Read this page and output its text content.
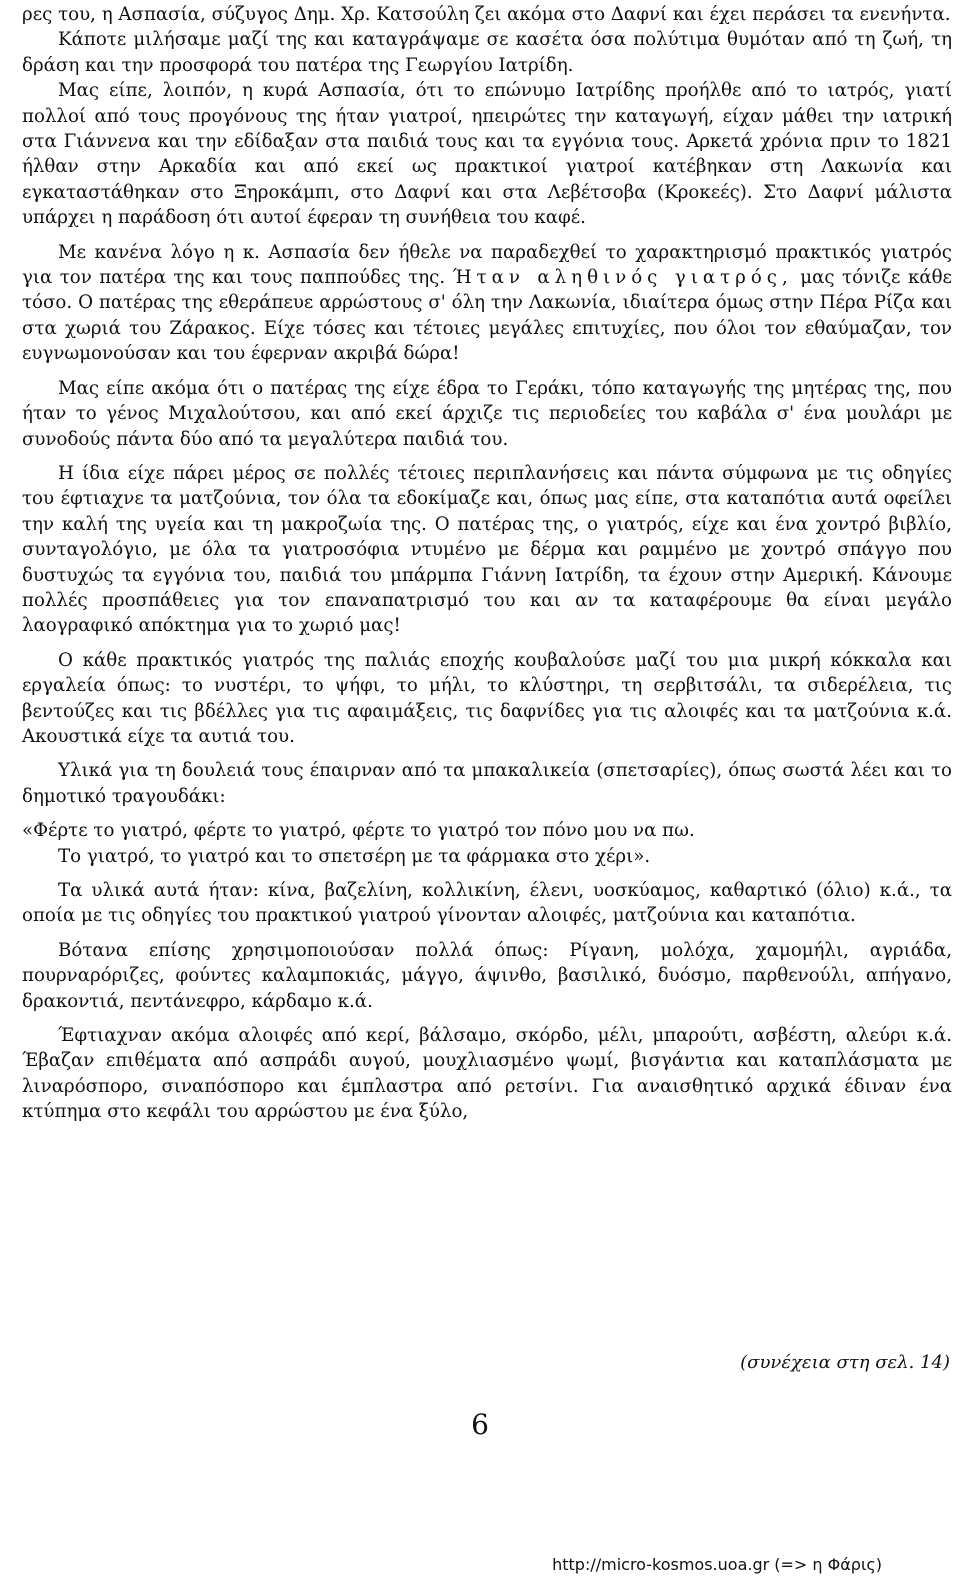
ρες του, η Ασπασία, σύζυγος Δημ. Χρ. Κατσούλη ζει ακόμα στο Δαφνί και έχει περάσει τα ενενήντα.

Κάποτε μιλήσαμε μαζί της και καταγράψαμε σε κασέτα όσα πολύτιμα θυμόταν από τη ζωή, τη δράση και την προσφορά του πατέρα της Γεωργίου Ιατρίδη.

Μας είπε, λοιπόν, η κυρά Ασπασία, ότι το επώνυμο Ιατρίδης προήλθε από το ιατρός, γιατί πολλοί από τους προγόνους της ήταν γιατροί, ηπειρώτες την καταγωγή, είχαν μάθει την ιατρική στα Γιάννενα και την εδίδαξαν στα παιδιά τους και τα εγγόνια τους. Αρκετά χρόνια πριν το 1821 ήλθαν στην Αρκαδία και από εκεί ως πρακτικοί γιατροί κατέβηκαν στη Λακωνία και εγκαταστάθηκαν στο Ξηροκάμπι, στο Δαφνί και στα Λεβέτσοβα (Κροκεές). Στο Δαφνί μάλιστα υπάρχει η παράδοση ότι αυτοί έφεραν τη συνήθεια του καφέ.

Με κανένα λόγο η κ. Ασπασία δεν ήθελε να παραδεχθεί το χαρακτηρισμό πρακτικός γιατρός για τον πατέρα της και τους παππούδες της. Ήταν αληθινός γιατρός, μας τόνιζε κάθε τόσο. Ο πατέρας της εθεράπευε αρρώστους σ' όλη την Λακωνία, ιδιαίτερα όμως στην Πέρα Ρίζα και στα χωριά του Ζάρακος. Είχε τόσες και τέτοιες μεγάλες επιτυχίες, που όλοι τον εθαύμαζαν, τον ευγνωμονούσαν και του έφερναν ακριβά δώρα!

Μας είπε ακόμα ότι ο πατέρας της είχε έδρα το Γεράκι, τόπο καταγωγής της μητέρας της, που ήταν το γένος Μιχαλούτσου, και από εκεί άρχιζε τις περιοδείες του καβάλα σ' ένα μουλάρι με συνοδούς πάντα δύο από τα μεγαλύτερα παιδιά του.

Η ίδια είχε πάρει μέρος σε πολλές τέτοιες περιπλανήσεις και πάντα σύμφωνα με τις οδηγίες του έφτιαχνε τα ματζούνια, τον όλα τα εδοκίμαζε και, όπως μας είπε, στα καταπότια αυτά οφείλει την καλή της υγεία και τη μακροζωία της. Ο πατέρας της, ο γιατρός, είχε και ένα χοντρό βιβλίο, συνταγολόγιο, με όλα τα γιατροσόφια ντυμένο με δέρμα και ραμμένο με χοντρό σπάγγο που δυστυχώς τα εγγόνια του, παιδιά του μπάρμπα Γιάννη Ιατρίδη, τα έχουν στην Αμερική. Κάνουμε πολλές προσπάθειες για τον επαναπατρισμό του και αν τα καταφέρουμε θα είναι μεγάλο λαογραφικό απόκτημα για το χωριό μας!

Ο κάθε πρακτικός γιατρός της παλιάς εποχής κουβαλούσε μαζί του μια μικρή κόκκαλα και εργαλεία όπως: το νυστέρι, το ψήφι, το μήλι, το κλύστηρι, τη σερβιτσάλι, τα σιδερέλεια, τις βεντούζες και τις βδέλλες για τις αφαιμάξεις, τις δαφνίδες για τις αλοιφές και τα ματζούνια κ.ά. Ακουστικά είχε τα αυτιά του.

Υλικά για τη δουλειά τους έπαιρναν από τα μπακαλικεία (σπετσαρίες), όπως σωστά λέει και το δημοτικό τραγουδάκι:

«Φέρτε το γιατρό, φέρτε το γιατρό, φέρτε το γιατρό τον πόνο μου να πω.

Το γιατρό, το γιατρό και το σπετσέρη με τα φάρμακα στο χέρι».

Τα υλικά αυτά ήταν: κίνα, βαζελίνη, κολλικίνη, έλενι, υοσκύαμος, καθαρτικό (όλιο) κ.ά., τα οποία με τις οδηγίες του πρακτικού γιατρού γίνονταν αλοιφές, ματζούνια και καταπότια.

Βότανα επίσης χρησιμοποιούσαν πολλά όπως: Ρίγανη, μολόχα, χαμομήλι, αγριάδα, πουρναρόριζες, φούντες καλαμποκιάς, μάγγο, άψινθο, βασιλικό, δυόσμο, παρθενούλι, απήγανο, δρακοντιά, πεντάνεφρο, κάρδαμο κ.ά.

Έφτιαχναν ακόμα αλοιφές από κερί, βάλσαμο, σκόρδο, μέλι, μπαρούτι, ασβέστη, αλεύρι κ.ά. Έβαζαν επιθέματα από ασπράδι αυγού, μουχλιασμένο ψωμί, βισγάντια και καταπλάσματα με λιναρόσπορο, σιναπόσπορο και έμπλαστρα από ρετσίνι. Για αναισθητικό αρχικά έδιναν ένα κτύπημα στο κεφάλι του αρρώστου με ένα ξύλο,

(συνέχεια στη σελ. 14)
6
http://micro-kosmos.uoa.gr (=> η Φάρις)
